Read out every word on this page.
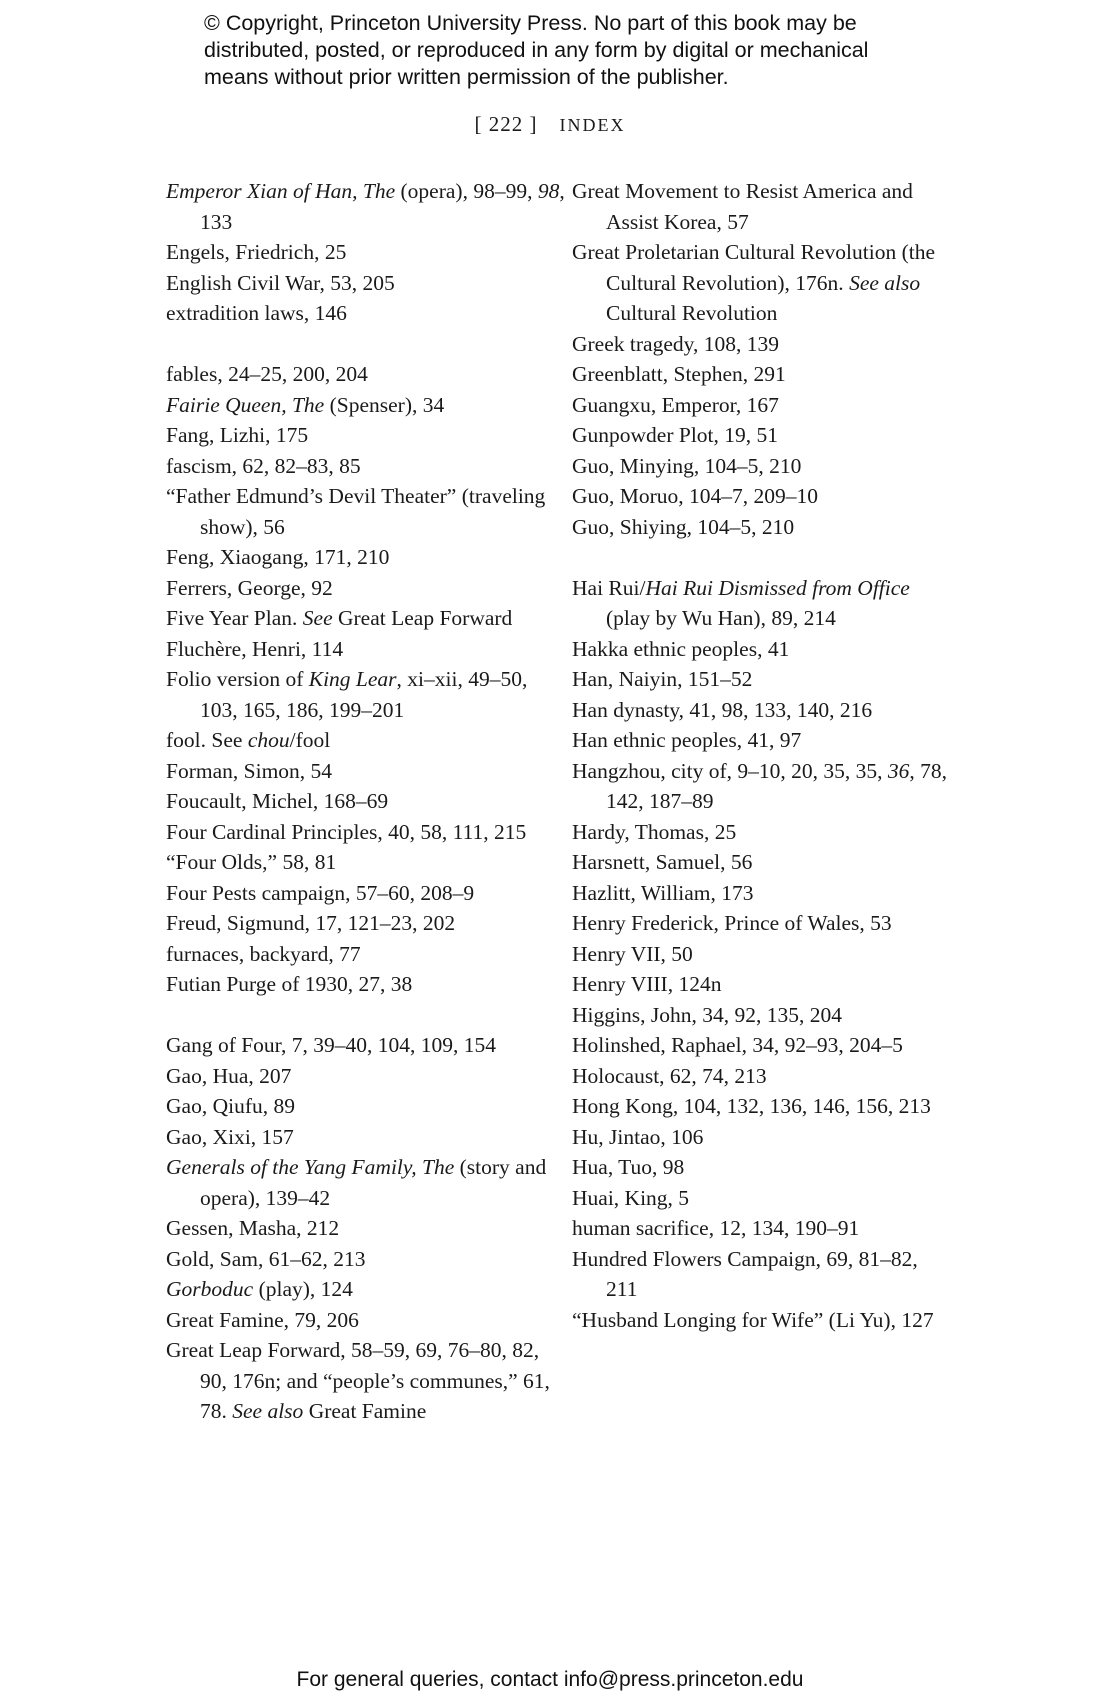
© Copyright, Princeton University Press. No part of this book may be distributed, posted, or reproduced in any form by digital or mechanical means without prior written permission of the publisher.
[ 222 ] INDEX

Emperor Xian of Han, The (opera), 98–99, 98, 133

Engels, Friedrich, 25

English Civil War, 53, 205

extradition laws, 146

fables, 24–25, 200, 204

Fairie Queen, The (Spenser), 34

Fang, Lizhi, 175

fascism, 62, 82–83, 85

“Father Edmund’s Devil Theater” (traveling show), 56

Feng, Xiaogang, 171, 210

Ferrers, George, 92

Five Year Plan. See Great Leap Forward

Fluchère, Henri, 114

Folio version of King Lear, xi–xii, 49–50, 103, 165, 186, 199–201

fool. See chou/fool

Forman, Simon, 54

Foucault, Michel, 168–69

Four Cardinal Principles, 40, 58, 111, 215

“Four Olds,” 58, 81

Four Pests campaign, 57–60, 208–9

Freud, Sigmund, 17, 121–23, 202

furnaces, backyard, 77

Futian Purge of 1930, 27, 38

Gang of Four, 7, 39–40, 104, 109, 154

Gao, Hua, 207

Gao, Qiufu, 89

Gao, Xixi, 157

Generals of the Yang Family, The (story and opera), 139–42

Gessen, Masha, 212

Gold, Sam, 61–62, 213

Gorboduc (play), 124

Great Famine, 79, 206

Great Leap Forward, 58–59, 69, 76–80, 82, 90, 176n; and “people’s communes,” 61, 78. See also Great Famine

Great Movement to Resist America and Assist Korea, 57

Great Proletarian Cultural Revolution (the Cultural Revolution), 176n. See also Cultural Revolution

Greek tragedy, 108, 139

Greenblatt, Stephen, 291

Guangxu, Emperor, 167

Gunpowder Plot, 19, 51

Guo, Minying, 104–5, 210

Guo, Moruo, 104–7, 209–10

Guo, Shiying, 104–5, 210

Hai Rui/Hai Rui Dismissed from Office (play by Wu Han), 89, 214

Hakka ethnic peoples, 41

Han, Naiyin, 151–52

Han dynasty, 41, 98, 133, 140, 216

Han ethnic peoples, 41, 97

Hangzhou, city of, 9–10, 20, 35, 35, 36, 78, 142, 187–89

Hardy, Thomas, 25

Harsnett, Samuel, 56

Hazlitt, William, 173

Henry Frederick, Prince of Wales, 53

Henry VII, 50

Henry VIII, 124n

Higgins, John, 34, 92, 135, 204

Holinshed, Raphael, 34, 92–93, 204–5

Holocaust, 62, 74, 213

Hong Kong, 104, 132, 136, 146, 156, 213

Hu, Jintao, 106

Hua, Tuo, 98

Huai, King, 5

human sacrifice, 12, 134, 190–91

Hundred Flowers Campaign, 69, 81–82, 211

“Husband Longing for Wife” (Li Yu), 127

For general queries, contact info@press.princeton.edu
